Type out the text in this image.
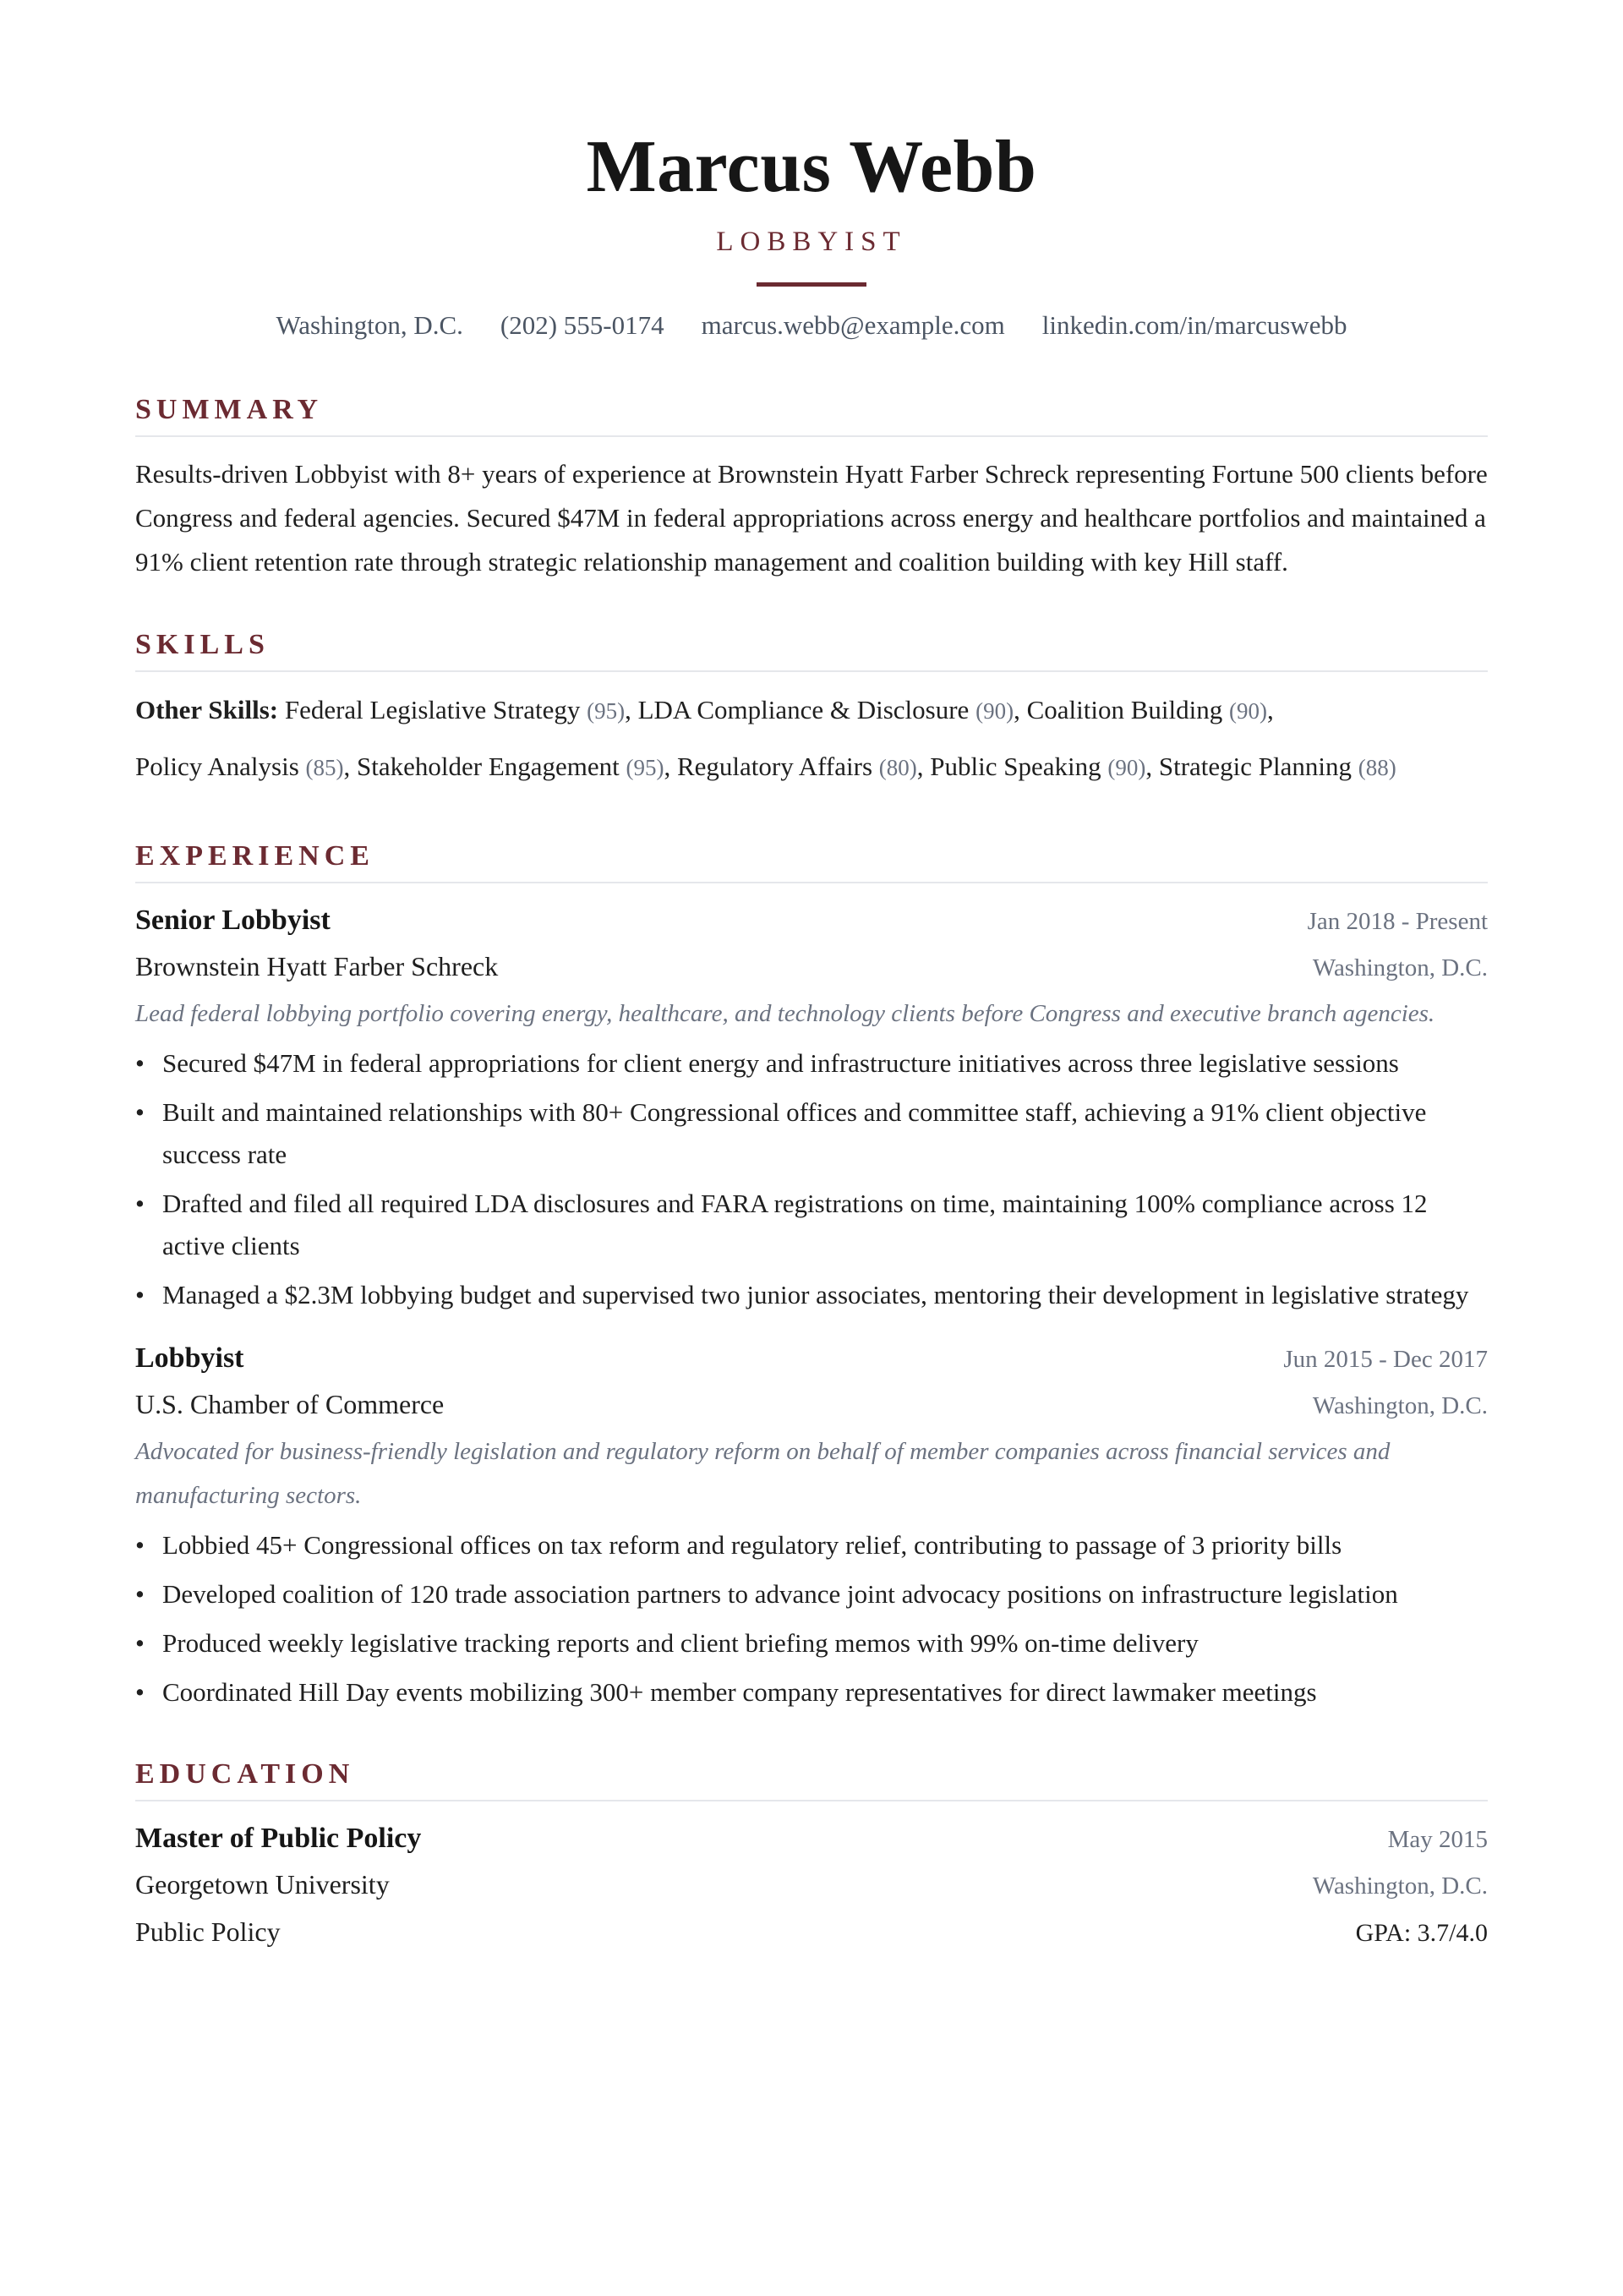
Marcus Webb
LOBBYIST
Washington, D.C. (202) 555-0174 marcus.webb@example.com linkedin.com/in/marcuswebb
SUMMARY

Results-driven Lobbyist with 8+ years of experience at Brownstein Hyatt Farber Schreck representing Fortune 500 clients before Congress and federal agencies. Secured $47M in federal appropriations across energy and healthcare portfolios and maintained a 91% client retention rate through strategic relationship management and coalition building with key Hill staff.

SKILLS
Other Skills: Federal Legislative Strategy (95), LDA Compliance & Disclosure (90), Coalition Building (90),
Policy Analysis (85), Stakeholder Engagement (95), Regulatory Affairs (80), Public Speaking (90), Strategic Planning (88)
EXPERIENCE
Senior Lobbyist	Jan 2018 - Present
Brownstein Hyatt Farber Schreck	Washington, D.C.
Lead federal lobbying portfolio covering energy, healthcare, and technology clients before Congress and executive branch agencies.
• Secured $47M in federal appropriations for client energy and infrastructure initiatives across three legislative sessions
• Built and maintained relationships with 80+ Congressional offices and committee staff, achieving a 91% client objective success rate
• Drafted and filed all required LDA disclosures and FARA registrations on time, maintaining 100% compliance across 12 active clients
• Managed a $2.3M lobbying budget and supervised two junior associates, mentoring their development in legislative strategy
Lobbyist	Jun 2015 - Dec 2017
U.S. Chamber of Commerce	Washington, D.C.
Advocated for business-friendly legislation and regulatory reform on behalf of member companies across financial services and manufacturing sectors.
• Lobbied 45+ Congressional offices on tax reform and regulatory relief, contributing to passage of 3 priority bills
• Developed coalition of 120 trade association partners to advance joint advocacy positions on infrastructure legislation
• Produced weekly legislative tracking reports and client briefing memos with 99% on-time delivery
• Coordinated Hill Day events mobilizing 300+ member company representatives for direct lawmaker meetings
EDUCATION
Master of Public Policy	May 2015
Georgetown University	Washington, D.C.
Public Policy	GPA: 3.7/4.0
